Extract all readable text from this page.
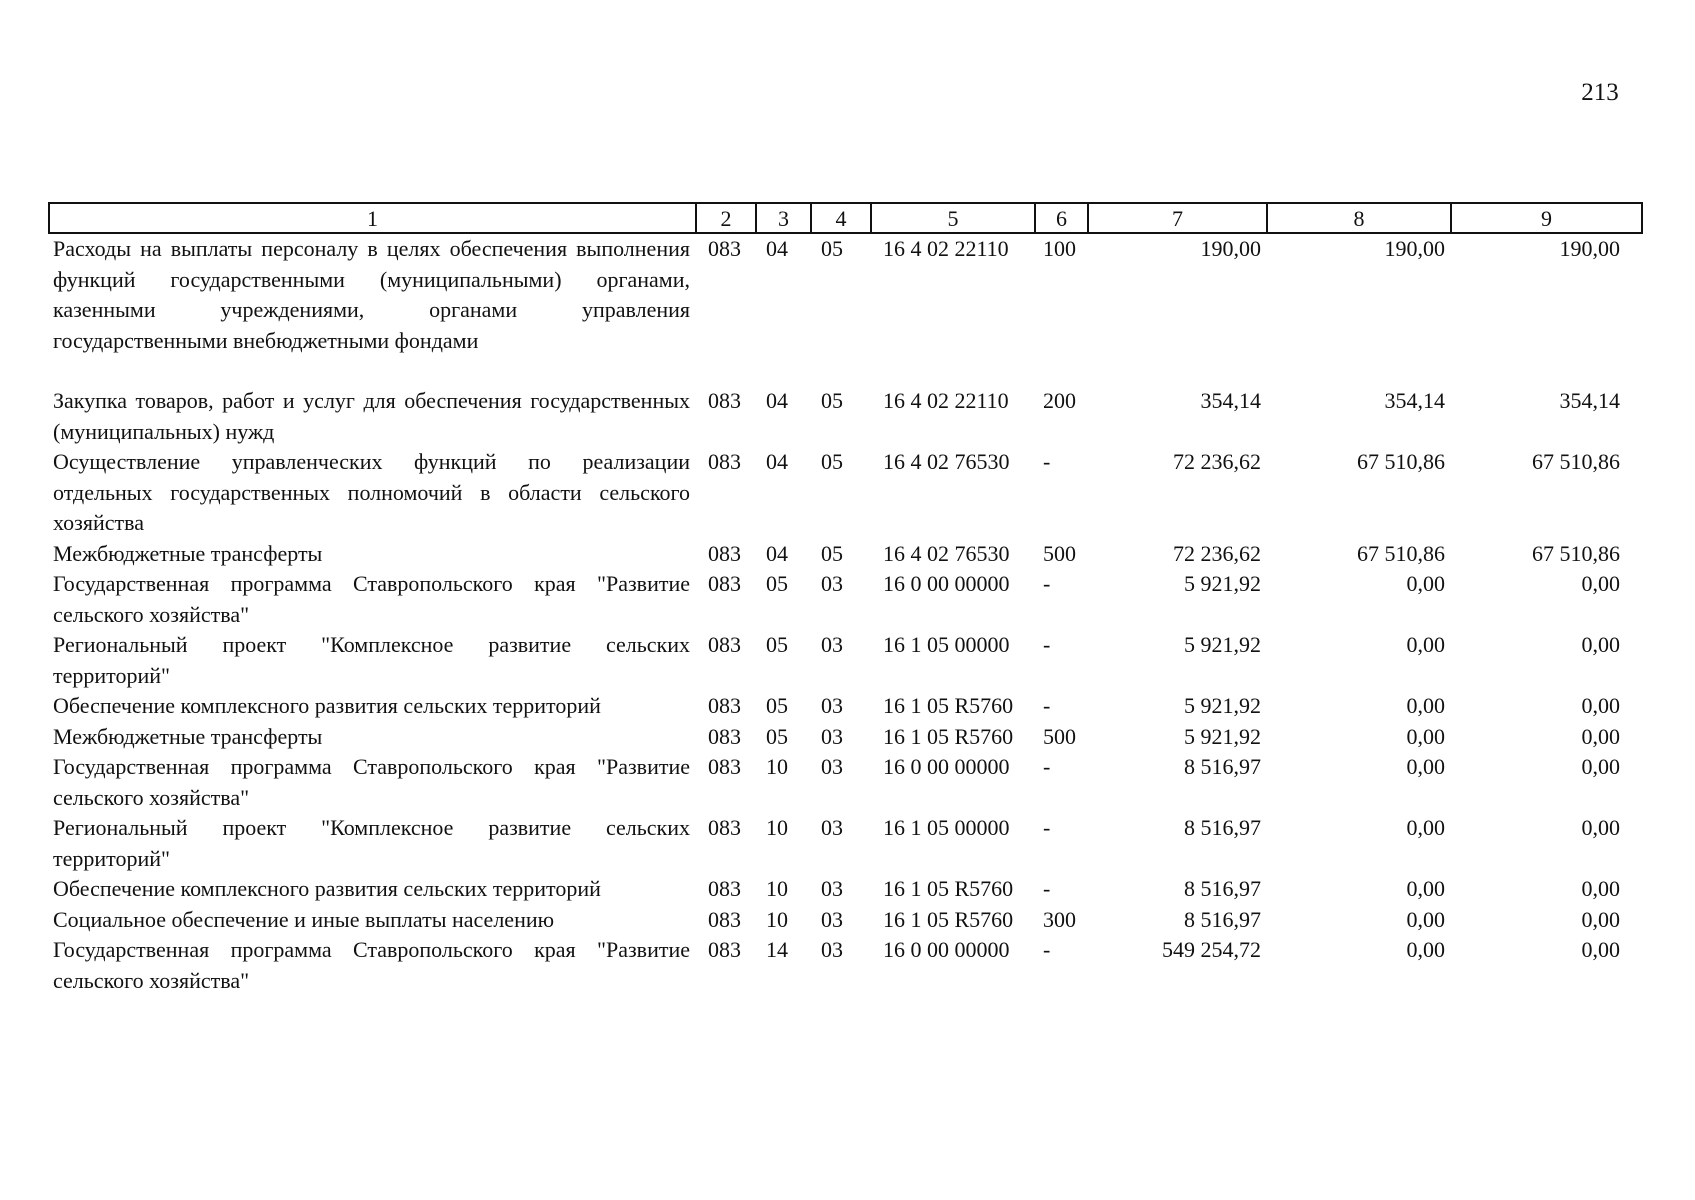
213
1	2	3	4	5	6	7	8	9
Расходы на выплаты персоналу в целях обеспечения выполнения функций государственными (муниципальными) органами, казенными учреждениями, органами управления государственными внебюджетными фондами	083	04	05	16 4 02 22110	100	190,00	190,00	190,00
Закупка товаров, работ и услуг для обеспечения государственных (муниципальных) нужд	083	04	05	16 4 02 22110	200	354,14	354,14	354,14
Осуществление управленческих функций по реализации отдельных государственных полномочий в области сельского хозяйства	083	04	05	16 4 02 76530	-	72 236,62	67 510,86	67 510,86
Межбюджетные трансферты	083	04	05	16 4 02 76530	500	72 236,62	67 510,86	67 510,86
Государственная программа Ставропольского края "Развитие сельского хозяйства"	083	05	03	16 0 00 00000	-	5 921,92	0,00	0,00
Региональный проект "Комплексное развитие сельских территорий"	083	05	03	16 1 05 00000	-	5 921,92	0,00	0,00
Обеспечение комплексного развития сельских территорий	083	05	03	16 1 05 R5760	-	5 921,92	0,00	0,00
Межбюджетные трансферты	083	05	03	16 1 05 R5760	500	5 921,92	0,00	0,00
Государственная программа Ставропольского края "Развитие сельского хозяйства"	083	10	03	16 0 00 00000	-	8 516,97	0,00	0,00
Региональный проект "Комплексное развитие сельских территорий"	083	10	03	16 1 05 00000	-	8 516,97	0,00	0,00
Обеспечение комплексного развития сельских территорий	083	10	03	16 1 05 R5760	-	8 516,97	0,00	0,00
Социальное обеспечение и иные выплаты населению	083	10	03	16 1 05 R5760	300	8 516,97	0,00	0,00
Государственная программа Ставропольского края "Развитие сельского хозяйства"	083	14	03	16 0 00 00000	-	549 254,72	0,00	0,00
